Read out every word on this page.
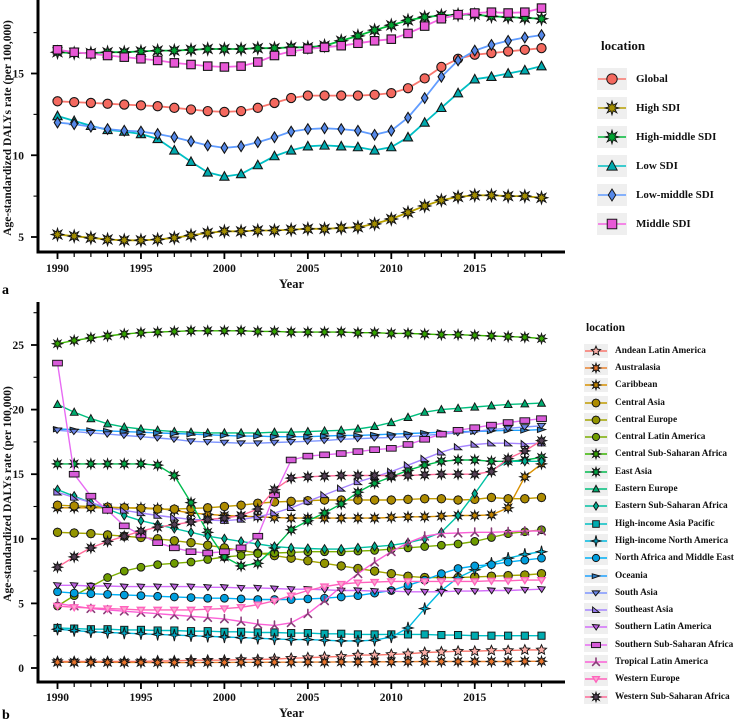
1990	1995	2000	2005	2010	2015
5
10
15
Year
Age-standardized DALYs rate (per 100,000)
1990	1995	2000	2005	2010	2015
0
5
10
15
20
25
Year
Age-standardized DALYs rate (per 100,000)
location
Global
High SDI
High-middle SDI
Low SDI
Low-middle SDI
Middle SDI
location
Andean Latin America
Australasia
Caribbean
Central Asia
Central Europe
Central Latin America
Central Sub-Saharan Africa
East Asia
Eastern Europe
Eastern Sub-Saharan Africa
High-income Asia Pacific
High-income North America
North Africa and Middle East
Oceania
South Asia
Southeast Asia
Southern Latin America
Southern Sub-Saharan Africa
Tropical Latin America
Western Europe
Western Sub-Saharan Africa
a
b
